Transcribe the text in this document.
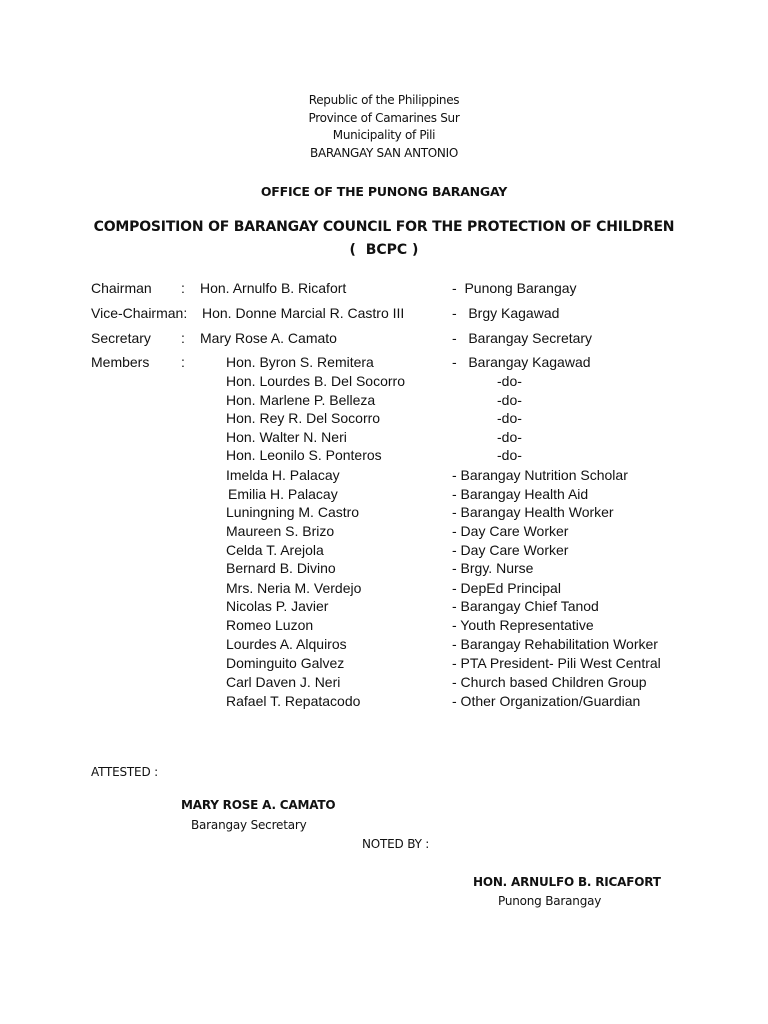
Republic of the Philippines
Province of Camarines Sur
Municipality of Pili
BARANGAY SAN ANTONIO
OFFICE OF THE PUNONG BARANGAY
COMPOSITION OF BARANGAY COUNCIL FOR THE PROTECTION OF CHILDREN
(  BCPC )
Chairman : Hon. Arnulfo B. Ricafort	-  Punong Barangay
Vice-Chairman: Hon. Donne Marcial R. Castro III	-   Brgy Kagawad
Secretary : Mary Rose A. Camato	-   Barangay Secretary
Members :	Hon. Byron S. Remitera	-   Barangay Kagawad
Hon. Lourdes B. Del Socorro	-do-
Hon. Marlene P. Belleza	-do-
Hon. Rey R. Del Socorro	-do-
Hon. Walter N. Neri	-do-
Hon. Leonilo S. Ponteros	-do-
Imelda H. Palacay	- Barangay Nutrition Scholar
Emilia H. Palacay	- Barangay Health Aid
Luningning M. Castro	- Barangay Health Worker
Maureen S. Brizo	- Day Care Worker
Celda T. Arejola	- Day Care Worker
Bernard B. Divino	- Brgy. Nurse
Mrs. Neria M. Verdejo	- DepEd Principal
Nicolas P. Javier	- Barangay Chief Tanod
Romeo Luzon	- Youth Representative
Lourdes A. Alquiros	- Barangay Rehabilitation Worker
Dominguito Galvez	- PTA President- Pili West Central
Carl Daven J. Neri	- Church based Children Group
Rafael T. Repatacodo	- Other Organization/Guardian
ATTESTED :
MARY ROSE A. CAMATO
Barangay Secretary
NOTED BY :
HON. ARNULFO B. RICAFORT
Punong Barangay
